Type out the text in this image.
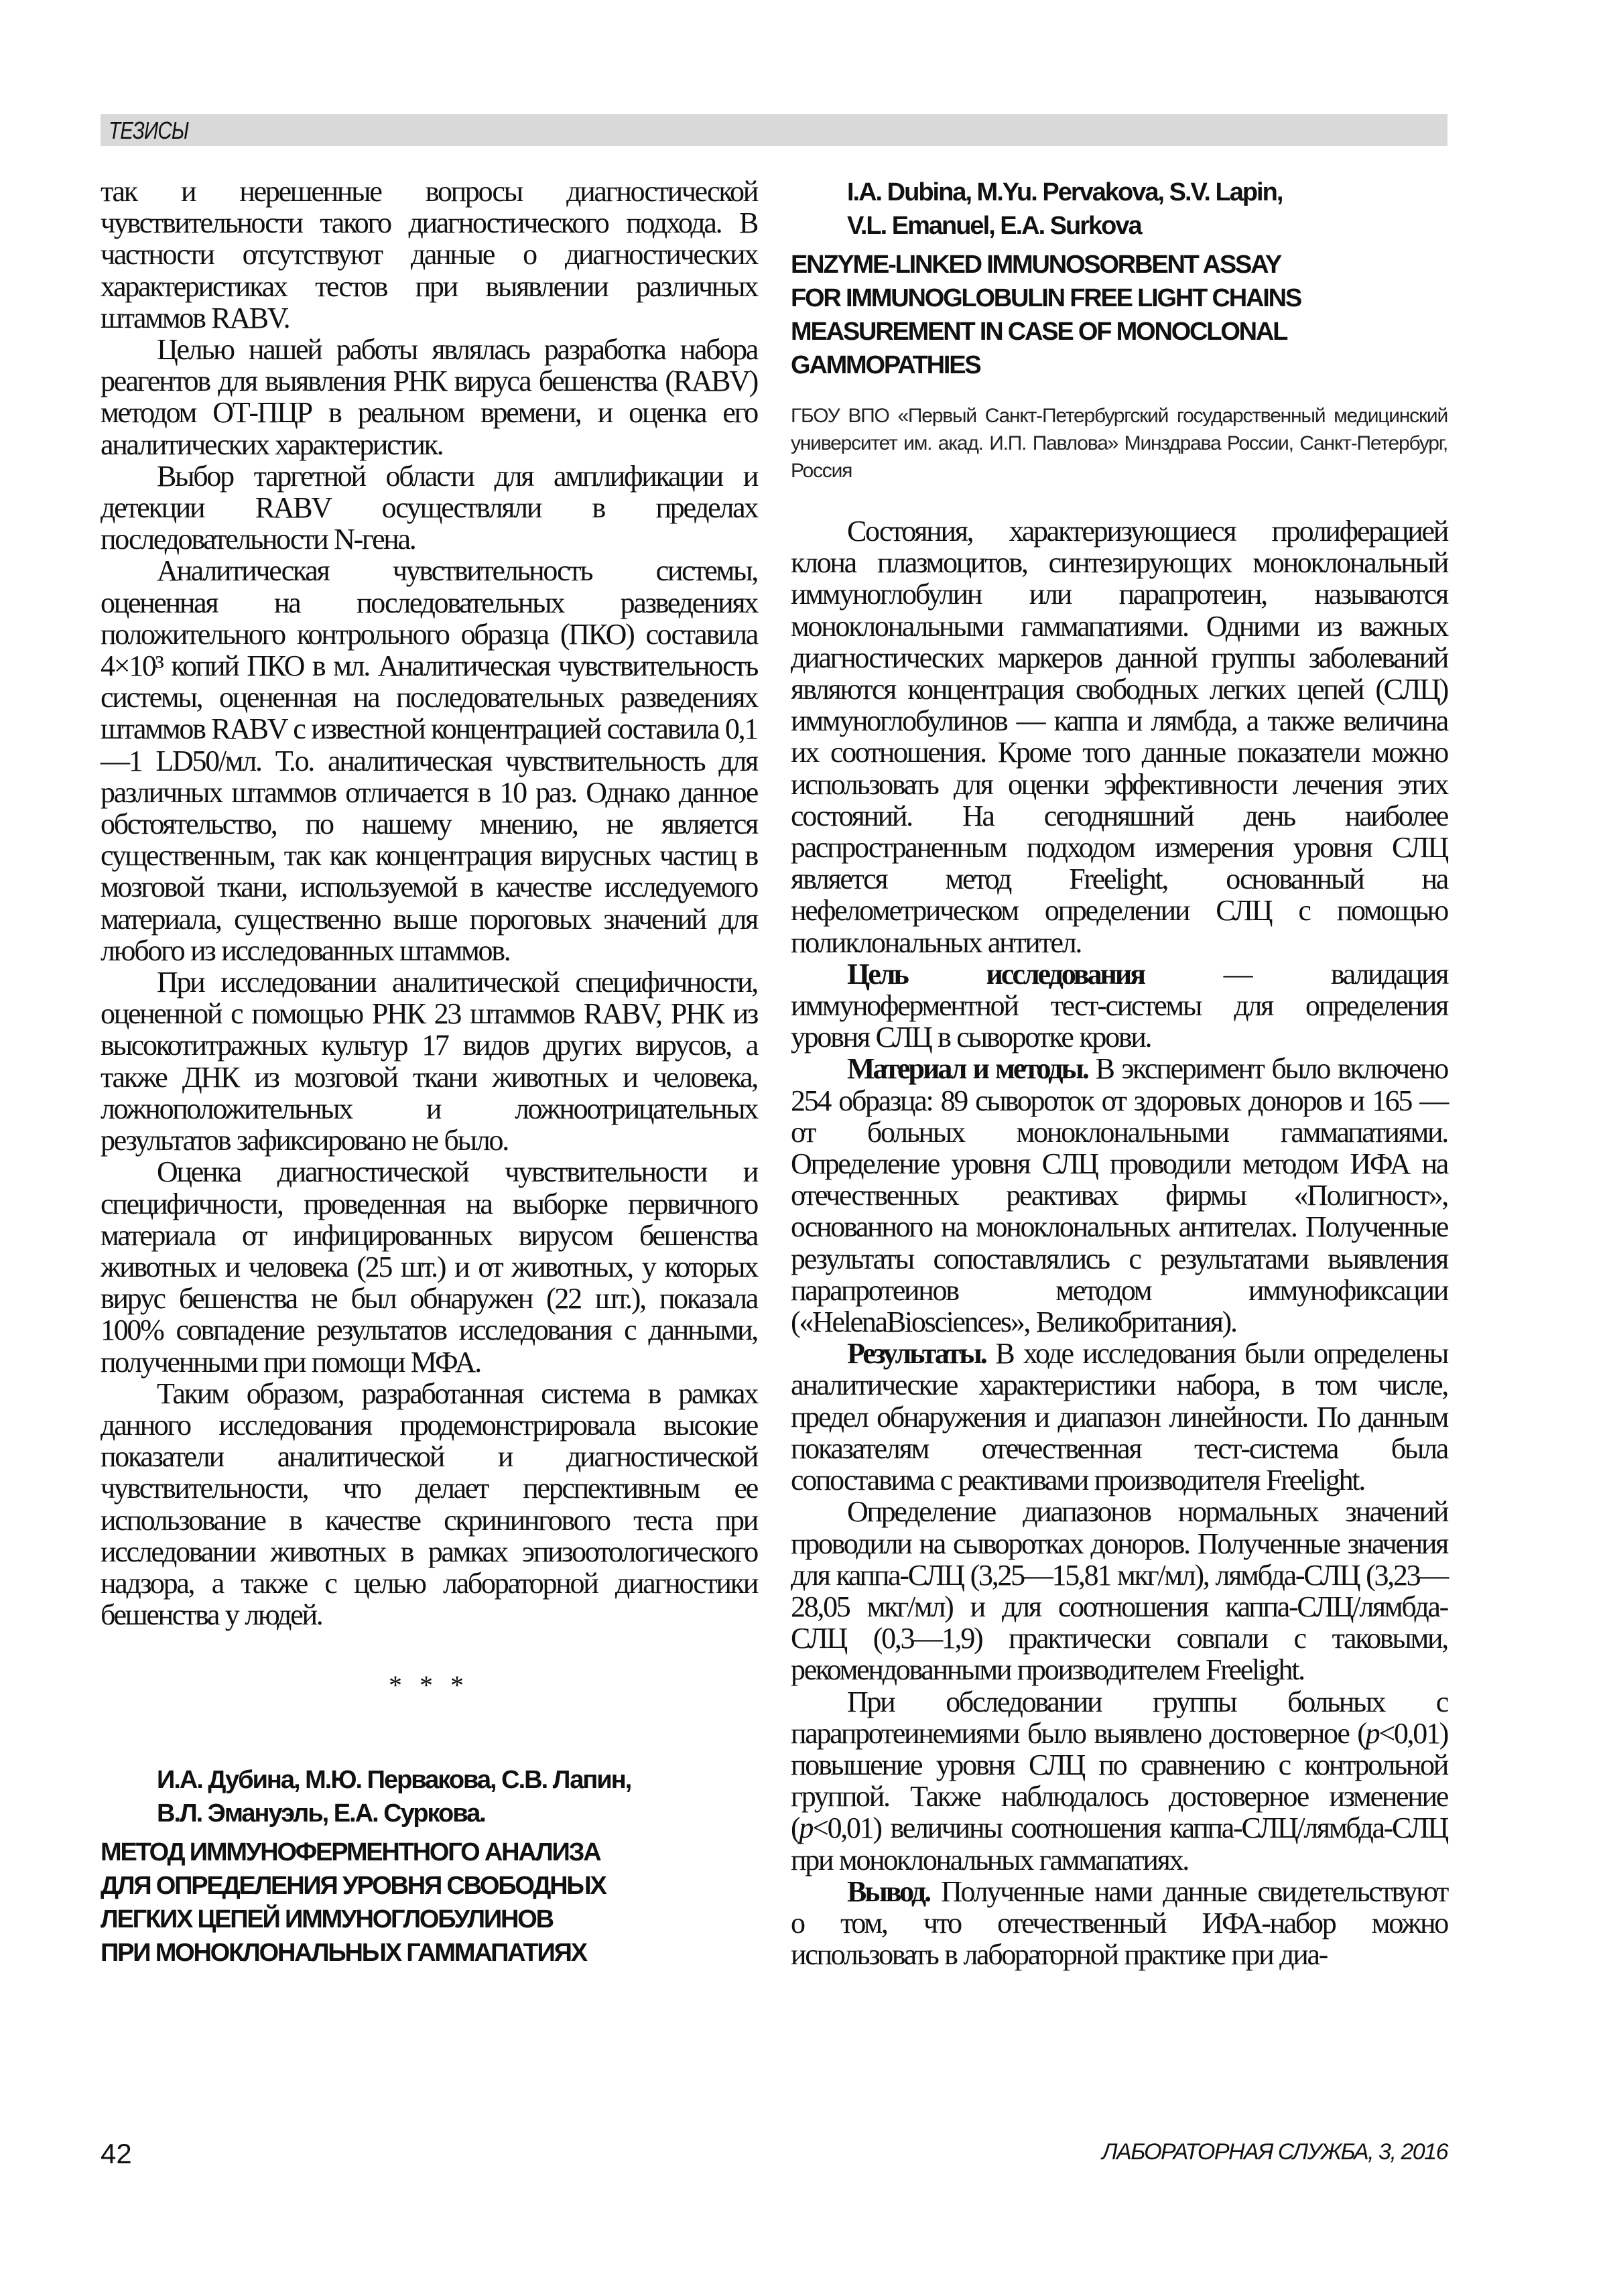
ТЕЗИСЫ

так и нерешенные вопросы диагностической чувствительности такого диагностического подхода. В частности отсутствуют данные о диагностических характеристиках тестов при выявлении различных штаммов RABV.

Целью нашей работы являлась разработка набора реагентов для выявления РНК вируса бешенства (RABV) методом ОТ-ПЦР в реальном времени, и оценка его аналитических характеристик.

Выбор таргетной области для амплификации и детекции RABV осуществляли в пределах последовательности N-гена.

Аналитическая чувствительность системы, оцененная на последовательных разведениях положительного контрольного образца (ПКО) составила 4×10³ копий ПКО в мл. Аналитическая чувствительность системы, оцененная на последовательных разведениях штаммов RABV с известной концентрацией составила 0,1—1 LD50/мл. Т.о. аналитическая чувствительность для различных штаммов отличается в 10 раз. Однако данное обстоятельство, по нашему мнению, не является существенным, так как концентрация вирусных частиц в мозговой ткани, используемой в качестве исследуемого материала, существенно выше пороговых значений для любого из исследованных штаммов.

При исследовании аналитической специфичности, оцененной с помощью РНК 23 штаммов RABV, РНК из высокотитражных культур 17 видов других вирусов, а также ДНК из мозговой ткани животных и человека, ложноположительных и ложноотрицательных результатов зафиксировано не было.

Оценка диагностической чувствительности и специфичности, проведенная на выборке первичного материала от инфицированных вирусом бешенства животных и человека (25 шт.) и от животных, у которых вирус бешенства не был обнаружен (22 шт.), показала 100% совпадение результатов исследования с данными, полученными при помощи МФА.

Таким образом, разработанная система в рамках данного исследования продемонстрировала высокие показатели аналитической и диагностической чувствительности, что делает перспективным ее использование в качестве скринингового теста при исследовании животных в рамках эпизоотологического надзора, а также с целью лабораторной диагностики бешенства у людей.

* * *

И.А. Дубина, М.Ю. Первакова, С.В. Лапин,

В.Л. Эмануэль, Е.А. Суркова.

МЕТОД ИММУНОФЕРМЕНТНОГО АНАЛИЗА
ДЛЯ ОПРЕДЕЛЕНИЯ УРОВНЯ СВОБОДНЫХ
ЛЕГКИХ ЦЕПЕЙ ИММУНОГЛОБУЛИНОВ
ПРИ МОНОКЛОНАЛЬНЫХ ГАММАПАТИЯХ

I.A. Dubina, M.Yu. Pervakova, S.V. Lapin,

V.L. Emanuel, E.A. Surkova

ENZYME-LINKED IMMUNOSORBENT ASSAY
FOR IMMUNOGLOBULIN FREE LIGHT CHAINS
MEASUREMENT IN CASE OF MONOCLONAL
GAMMOPATHIES
ГБОУ ВПО «Первый Санкт-Петербургский государственный медицинский университет им. акад. И.П. Павлова» Минздрава России, Санкт-Петербург, Россия

Состояния, характеризующиеся пролиферацией клона плазмоцитов, синтезирующих моноклональный иммуноглобулин или парапротеин, называются моноклональными гаммапатиями. Одними из важных диагностических маркеров данной группы заболеваний являются концентрация свободных легких цепей (СЛЦ) иммуноглобулинов — каппа и лямбда, а также величина их соотношения. Кроме того данные показатели можно использовать для оценки эффективности лечения этих состояний. На сегодняшний день наиболее распространенным подходом измерения уровня СЛЦ является метод Freelight, основанный на нефелометрическом определении СЛЦ с помощью поликлональных антител.

Цель исследования — валидация иммуноферментной тест-системы для определения уровня СЛЦ в сыворотке крови.

Материал и методы. В эксперимент было включено 254 образца: 89 сывороток от здоровых доноров и 165 — от больных моноклональными гаммапатиями. Определение уровня СЛЦ проводили методом ИФА на отечественных реактивах фирмы «Полигност», основанного на моноклональных антителах. Полученные результаты сопоставлялись с результатами выявления парапротеинов методом иммунофиксации («HelenaBiosciences», Великобритания).

Результаты. В ходе исследования были определены аналитические характеристики набора, в том числе, предел обнаружения и диапазон линейности. По данным показателям отечественная тест-система была сопоставима с реактивами производителя Freelight.

Определение диапазонов нормальных значений проводили на сыворотках доноров. Полученные значения для каппа-СЛЦ (3,25—15,81 мкг/мл), лямбда-СЛЦ (3,23—28,05 мкг/мл) и для соотношения каппа-СЛЦ/лямбда-СЛЦ (0,3—1,9) практически совпали с таковыми, рекомендованными производителем Freelight.

При обследовании группы больных с парапротеинемиями было выявлено достоверное (p<0,01) повышение уровня СЛЦ по сравнению с контрольной группой. Также наблюдалось достоверное изменение (p<0,01) величины соотношения каппа-СЛЦ/лямбда-СЛЦ при моноклональных гаммапатиях.

Вывод. Полученные нами данные свидетельствуют о том, что отечественный ИФА-набор можно использовать в лабораторной практике при диа-

42	ЛАБОРАТОРНАЯ СЛУЖБА, 3, 2016
